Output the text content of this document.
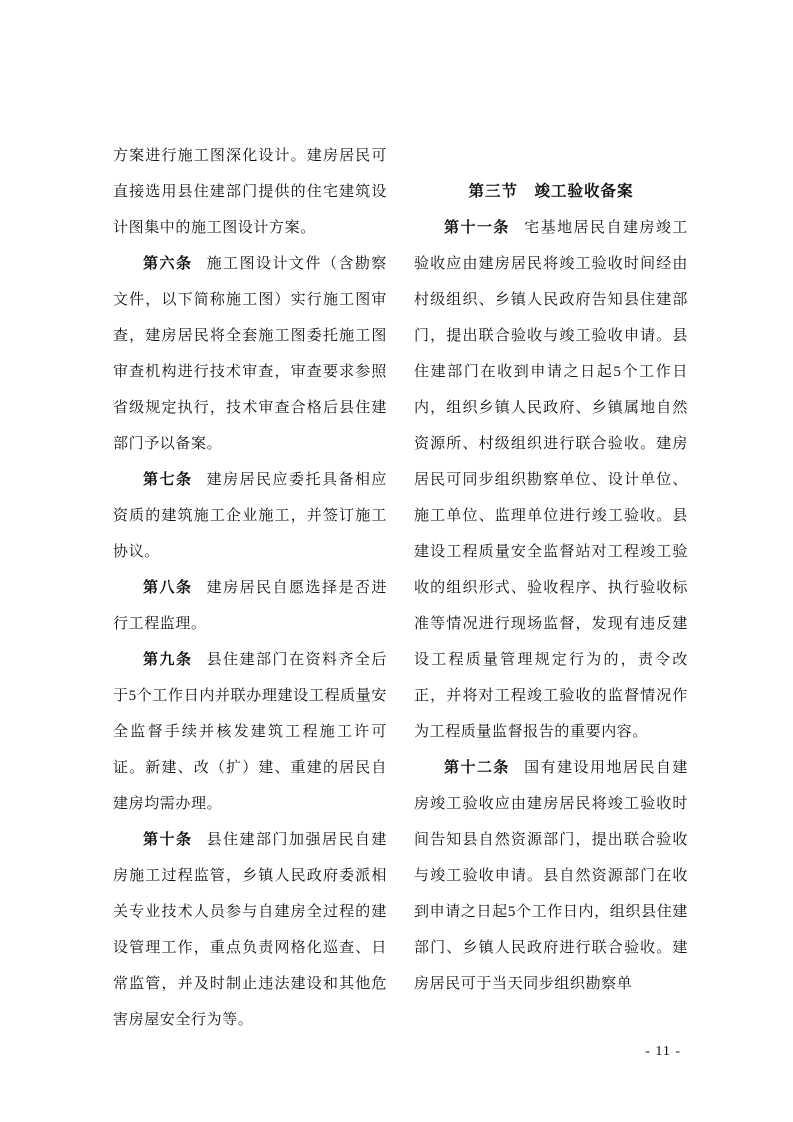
方案进行施工图深化设计。建房居民可直接选用县住建部门提供的住宅建筑设计图集中的施工图设计方案。

第六条 施工图设计文件（含勘察文件，以下简称施工图）实行施工图审查，建房居民将全套施工图委托施工图审查机构进行技术审查，审查要求参照省级规定执行，技术审查合格后县住建部门予以备案。

第七条 建房居民应委托具备相应资质的建筑施工企业施工，并签订施工协议。

第八条 建房居民自愿选择是否进行工程监理。

第九条 县住建部门在资料齐全后于5个工作日内并联办理建设工程质量安全监督手续并核发建筑工程施工许可证。新建、改（扩）建、重建的居民自建房均需办理。

第十条 县住建部门加强居民自建房施工过程监管，乡镇人民政府委派相关专业技术人员参与自建房全过程的建设管理工作，重点负责网格化巡查、日常监管，并及时制止违法建设和其他危害房屋安全行为等。

第三节　竣工验收备案

第十一条 宅基地居民自建房竣工验收应由建房居民将竣工验收时间经由村级组织、乡镇人民政府告知县住建部门，提出联合验收与竣工验收申请。县住建部门在收到申请之日起5个工作日内，组织乡镇人民政府、乡镇属地自然资源所、村级组织进行联合验收。建房居民可同步组织勘察单位、设计单位、施工单位、监理单位进行竣工验收。县建设工程质量安全监督站对工程竣工验收的组织形式、验收程序、执行验收标准等情况进行现场监督，发现有违反建设工程质量管理规定行为的，责令改正，并将对工程竣工验收的监督情况作为工程质量监督报告的重要内容。

第十二条 国有建设用地居民自建房竣工验收应由建房居民将竣工验收时间告知县自然资源部门，提出联合验收与竣工验收申请。县自然资源部门在收到申请之日起5个工作日内，组织县住建部门、乡镇人民政府进行联合验收。建房居民可于当天同步组织勘察单

- 11 -
